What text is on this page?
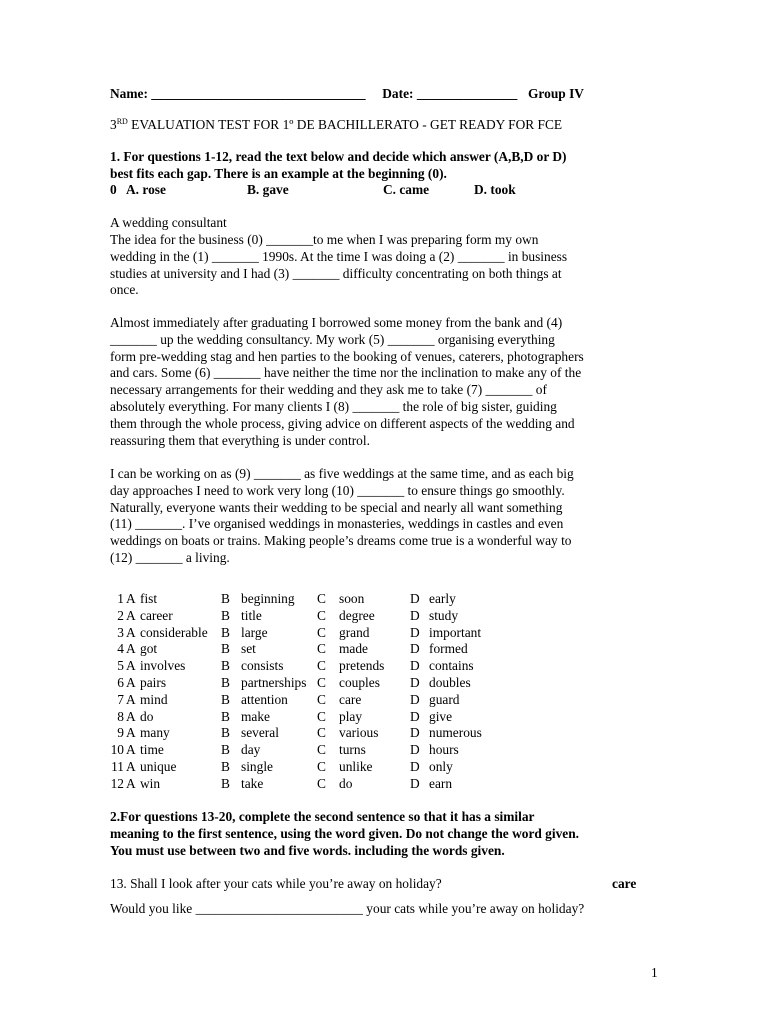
Name: ________________________________ Date: _______________ Group IV
3RD EVALUATION TEST FOR 1º DE BACHILLERATO - GET READY FOR FCE
1. For questions 1-12, read the text below and decide which answer (A,B,D or D)
best fits each gap. There is an example at the beginning (0).
0 A. rose	B. gave	C. came	D. took
A wedding consultant
The idea for the business (0) _______to me when I was preparing form my own
wedding in the (1) _______ 1990s. At the time I was doing a (2) _______ in business
studies at university and I had (3) _______ difficulty concentrating on both things at
once.
Almost immediately after graduating I borrowed some money from the bank and (4)
_______ up the wedding consultancy. My work (5) _______ organising everything
form pre-wedding stag and hen parties to the booking of venues, caterers, photographers
and cars. Some (6) _______ have neither the time nor the inclination to make any of the
necessary arrangements for their wedding and they ask me to take (7) _______ of
absolutely everything. For many clients I (8) _______ the role of big sister, guiding
them through the whole process, giving advice on different aspects of the wedding and
reassuring them that everything is under control.
I can be working on as (9) _______ as five weddings at the same time, and as each big
day approaches I need to work very long (10) _______ to ensure things go smoothly.
Naturally, everyone wants their wedding to be special and nearly all want something
(11) _______. I’ve organised weddings in monasteries, weddings in castles and even
weddings on boats or trains. Making people’s dreams come true is a wonderful way to
(12) _______ a living.
1 A fist	B beginning C soon	D early
2 A career	B title	C degree	D study
3 A considerable B large	C grand	D important
4 A got	B set	C made	D formed
5 A involves	B consists	C pretends D contains
6 A pairs	B partnerships C couples D doubles
7 A mind	B attention C care	D guard
8 A do	B make	C play	D give
9 A many	B several	C various D numerous
10 A time	B day	C turns	D hours
11 A unique	B single	C unlike	D only
12 A win	B take	C do	D earn
2.For questions 13-20, complete the second sentence so that it has a similar
meaning to the first sentence, using the word given. Do not change the word given.
You must use between two and five words. including the words given.
13. Shall I look after your cats while you’re away on holiday?	care
Would you like _________________________ your cats while you’re away on holiday?
1
